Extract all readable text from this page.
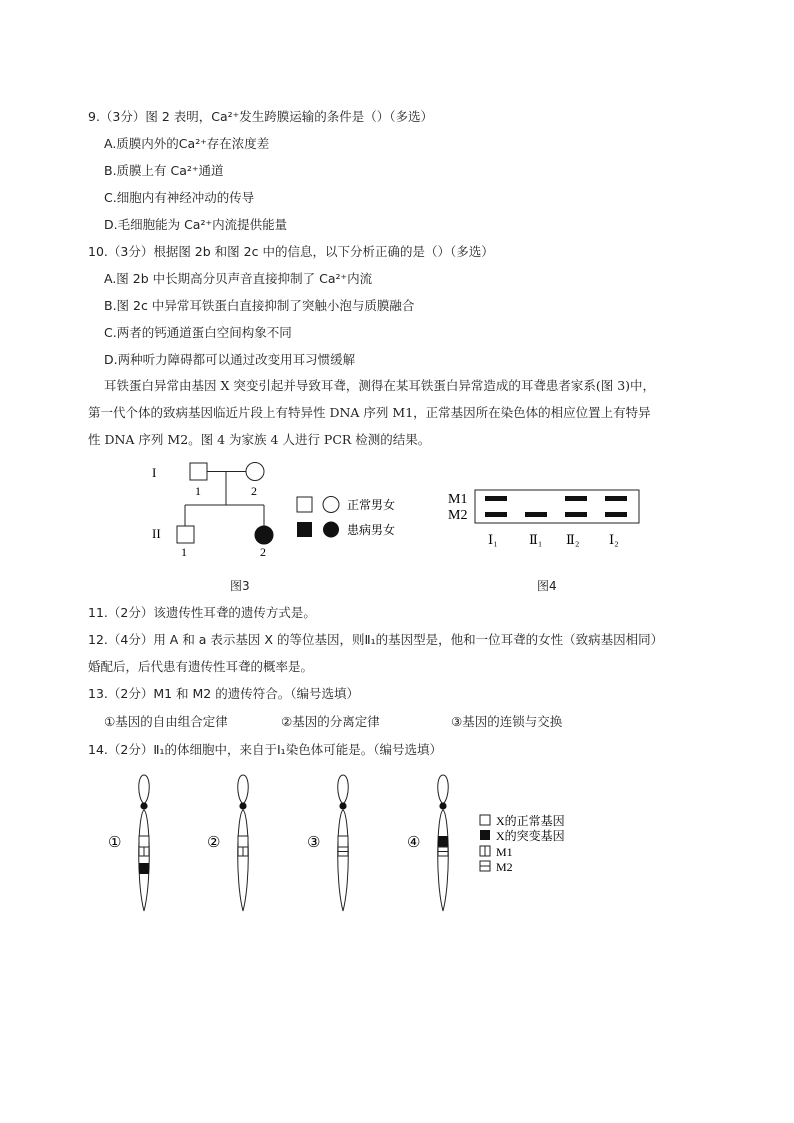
9.（3分）图 2 表明，Ca²⁺发生跨膜运输的条件是（）（多选）
A.质膜内外的Ca²⁺存在浓度差
B.质膜上有 Ca²⁺通道
C.细胞内有神经冲动的传导
D.毛细胞能为 Ca²⁺内流提供能量
10.（3分）根据图 2b 和图 2c 中的信息，以下分析正确的是（）（多选）
A.图 2b 中长期高分贝声音直接抑制了 Ca²⁺内流
B.图 2c 中异常耳铁蛋白直接抑制了突触小泡与质膜融合
C.两者的钙通道蛋白空间构象不同
D.两种听力障碍都可以通过改变用耳习惯缓解
耳铁蛋白异常由基因 X 突变引起并导致耳聋，测得在某耳铁蛋白异常造成的耳聋患者家系(图 3)中，
第一代个体的致病基因临近片段上有特异性 DNA 序列 M1，正常基因所在染色体的相应位置上有特异
性 DNA 序列 M2。图 4 为家族 4 人进行 PCR 检测的结果。
I
II
1	2
1	2
正常男女
患病男女
图3
M1
M2
Ⅰ₁ Ⅱ₁ Ⅱ₂ Ⅰ₂
图4
11.（2分）该遗传性耳聋的遗传方式是。
12.（4分）用 A 和 a 表示基因 X 的等位基因，则Ⅱ₁的基因型是，他和一位耳聋的女性（致病基因相同）
婚配后，后代患有遗传性耳聋的概率是。
13.（2分）M1 和 M2 的遗传符合。（编号选填）
①基因的自由组合定律	②基因的分离定律	③基因的连锁与交换
14.（2分）Ⅱ₁的体细胞中，来自于Ⅰ₁染色体可能是。（编号选填）
①	②	③	④
X的正常基因
X的突变基因
M1
M2
